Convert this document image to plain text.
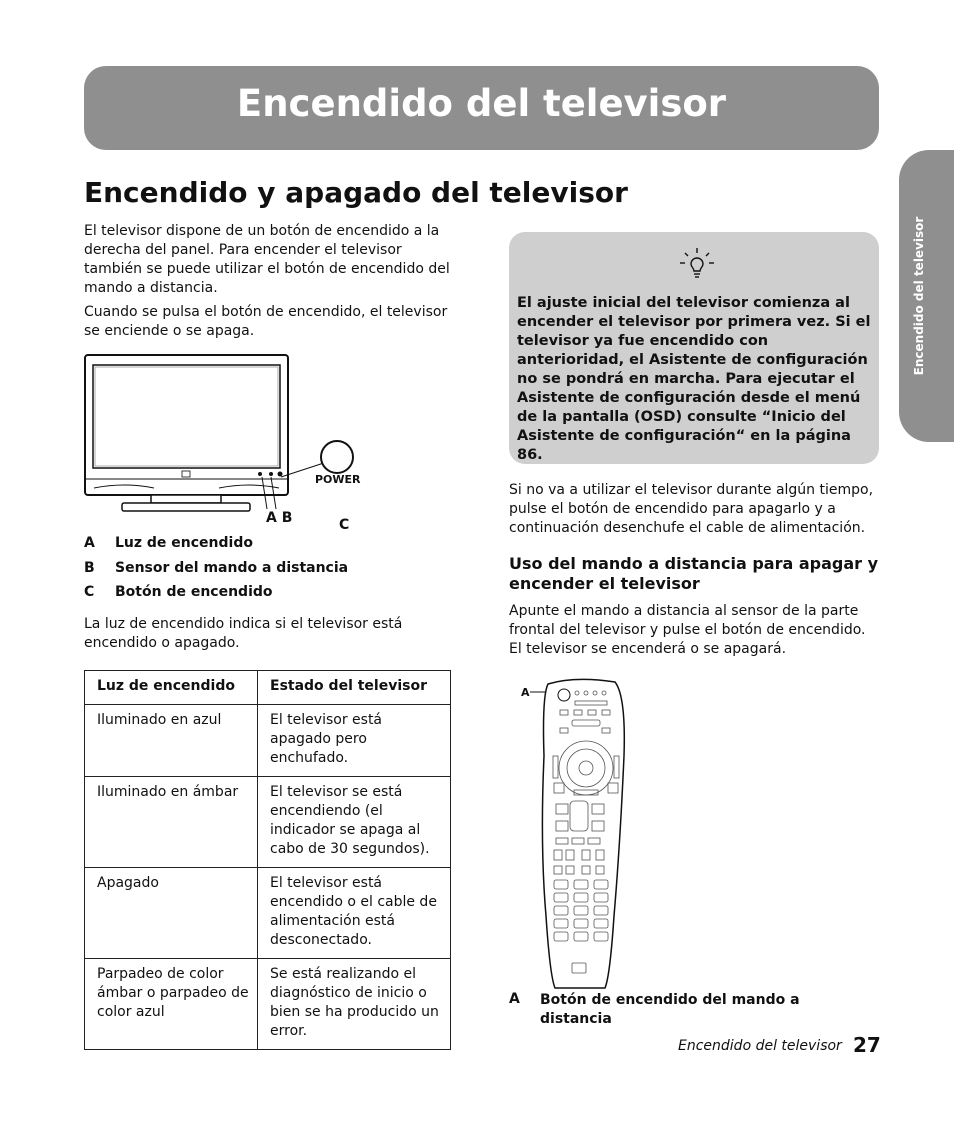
Encendido del televisor
Encendido del televisor
Encendido y apagado del televisor

El televisor dispone de un botón de encendido a la derecha del panel. Para encender el televisor también se puede utilizar el botón de encendido del mando a distancia.

Cuando se pulsa el botón de encendido, el televisor se enciende o se apaga.

POWER
A B	C
A Luz de encendido
B Sensor del mando a distancia
C Botón de encendido

La luz de encendido indica si el televisor está encendido o apagado.

Luz de encendido	Estado del televisor
Iluminado en azul	El televisor está apagado pero enchufado.
Iluminado en ámbar	El televisor se está encendiendo (el indicador se apaga al cabo de 30 segundos).
Apagado	El televisor está encendido o el cable de alimentación está desconectado.
Parpadeo de color ámbar o parpadeo de color azul	Se está realizando el diagnóstico de inicio o bien se ha producido un error.

El ajuste inicial del televisor comienza al encender el televisor por primera vez. Si el televisor ya fue encendido con anterioridad, el Asistente de configuración no se pondrá en marcha. Para ejecutar el Asistente de configuración desde el menú de la pantalla (OSD) consulte “Inicio del Asistente de configuración“ en la página 86.

Si no va a utilizar el televisor durante algún tiempo, pulse el botón de encendido para apagarlo y a continuación desenchufe el cable de alimentación.

Uso del mando a distancia para apagar y encender el televisor

Apunte el mando a distancia al sensor de la parte frontal del televisor y pulse el botón de encendido. El televisor se encenderá o se apagará.

A
A Botón de encendido del mando a distancia
Encendido del televisor 27
